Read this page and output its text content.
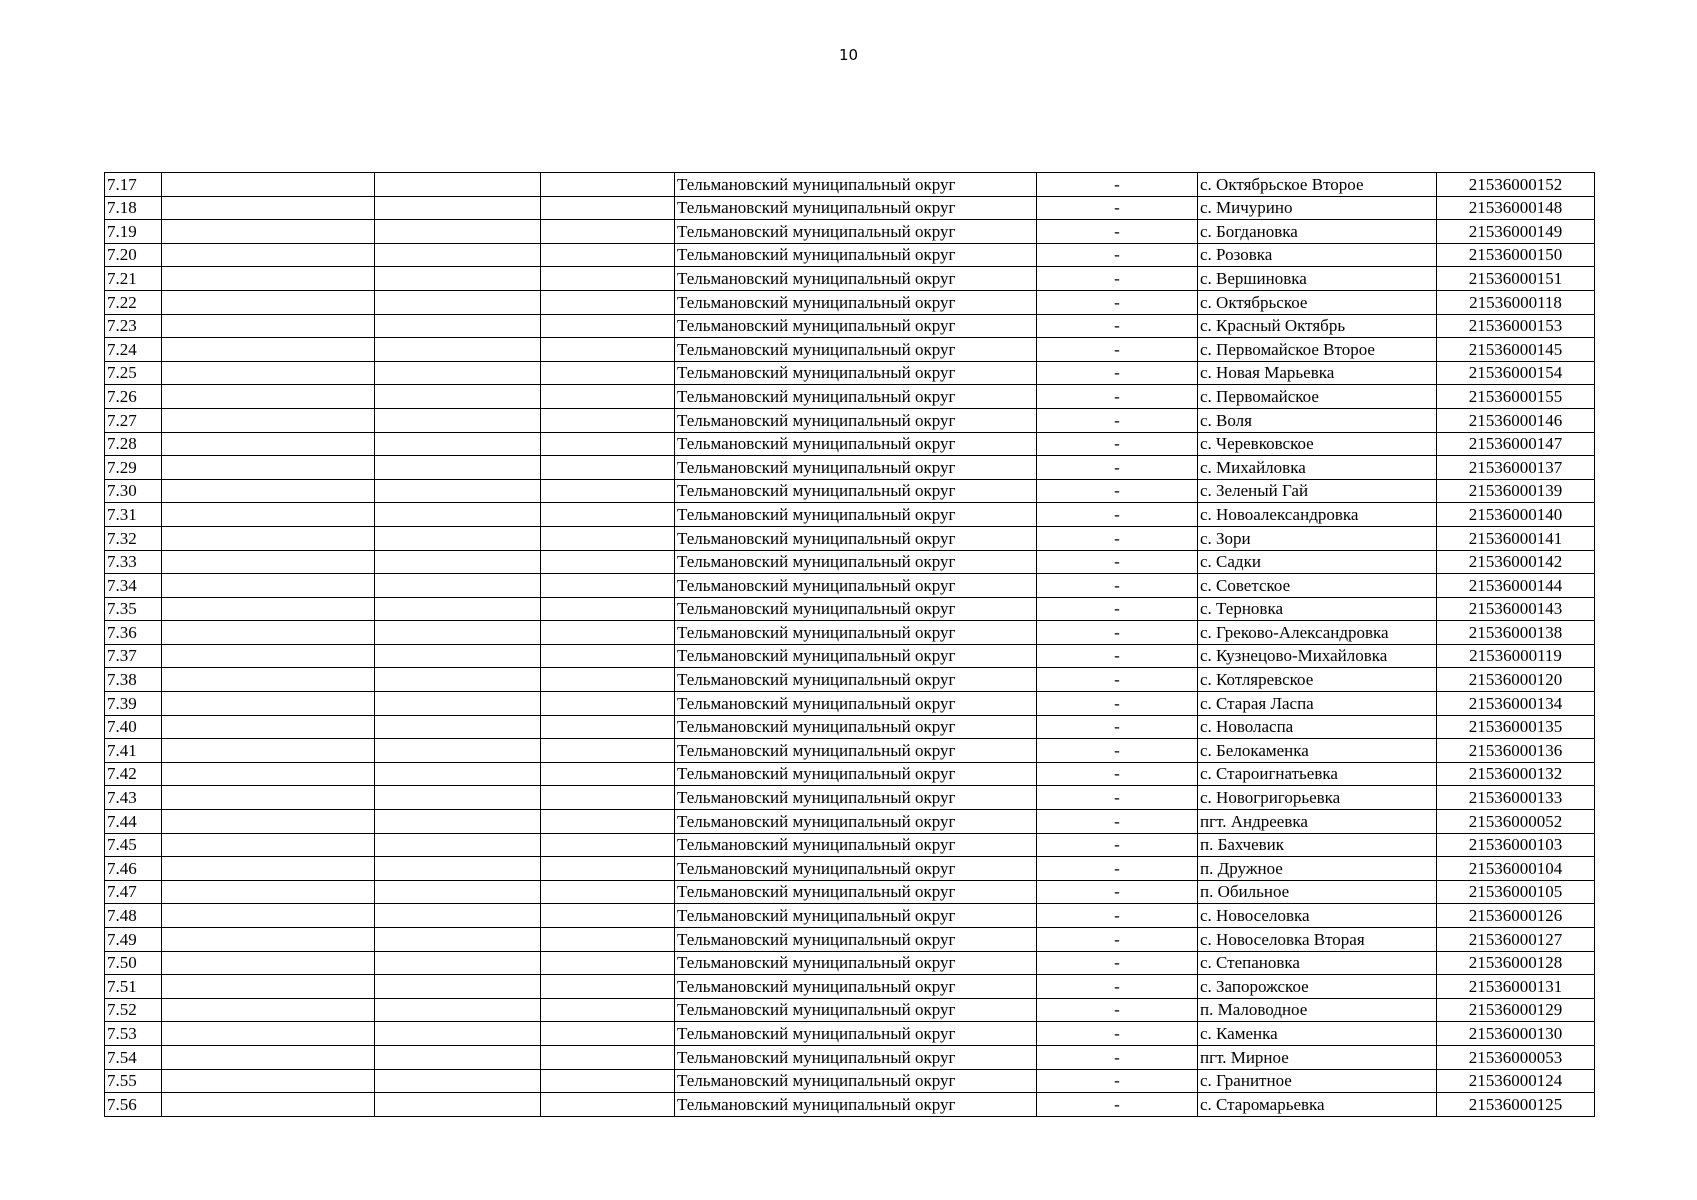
10
7.17				Тельмановский муниципальный округ	-	с. Октябрьское Второе	21536000152
7.18				Тельмановский муниципальный округ	-	с. Мичурино	21536000148
7.19				Тельмановский муниципальный округ	-	с. Богдановка	21536000149
7.20				Тельмановский муниципальный округ	-	с. Розовка	21536000150
7.21				Тельмановский муниципальный округ	-	с. Вершиновка	21536000151
7.22				Тельмановский муниципальный округ	-	с. Октябрьское	21536000118
7.23				Тельмановский муниципальный округ	-	с. Красный Октябрь	21536000153
7.24				Тельмановский муниципальный округ	-	с. Первомайское Второе	21536000145
7.25				Тельмановский муниципальный округ	-	с. Новая Марьевка	21536000154
7.26				Тельмановский муниципальный округ	-	с. Первомайское	21536000155
7.27				Тельмановский муниципальный округ	-	с. Воля	21536000146
7.28				Тельмановский муниципальный округ	-	с. Черевковское	21536000147
7.29				Тельмановский муниципальный округ	-	с. Михайловка	21536000137
7.30				Тельмановский муниципальный округ	-	с. Зеленый Гай	21536000139
7.31				Тельмановский муниципальный округ	-	с. Новоалександровка	21536000140
7.32				Тельмановский муниципальный округ	-	с. Зори	21536000141
7.33				Тельмановский муниципальный округ	-	с. Садки	21536000142
7.34				Тельмановский муниципальный округ	-	с. Советское	21536000144
7.35				Тельмановский муниципальный округ	-	с. Терновка	21536000143
7.36				Тельмановский муниципальный округ	-	с. Греково-Александровка	21536000138
7.37				Тельмановский муниципальный округ	-	с. Кузнецово-Михайловка	21536000119
7.38				Тельмановский муниципальный округ	-	с. Котляревское	21536000120
7.39				Тельмановский муниципальный округ	-	с. Старая Ласпа	21536000134
7.40				Тельмановский муниципальный округ	-	с. Новоласпа	21536000135
7.41				Тельмановский муниципальный округ	-	с. Белокаменка	21536000136
7.42				Тельмановский муниципальный округ	-	с. Староигнатьевка	21536000132
7.43				Тельмановский муниципальный округ	-	с. Новогригорьевка	21536000133
7.44				Тельмановский муниципальный округ	-	пгт. Андреевка	21536000052
7.45				Тельмановский муниципальный округ	-	п. Бахчевик	21536000103
7.46				Тельмановский муниципальный округ	-	п. Дружное	21536000104
7.47				Тельмановский муниципальный округ	-	п. Обильное	21536000105
7.48				Тельмановский муниципальный округ	-	с. Новоселовка	21536000126
7.49				Тельмановский муниципальный округ	-	с. Новоселовка Вторая	21536000127
7.50				Тельмановский муниципальный округ	-	с. Степановка	21536000128
7.51				Тельмановский муниципальный округ	-	с. Запорожское	21536000131
7.52				Тельмановский муниципальный округ	-	п. Маловодное	21536000129
7.53				Тельмановский муниципальный округ	-	с. Каменка	21536000130
7.54				Тельмановский муниципальный округ	-	пгт. Мирное	21536000053
7.55				Тельмановский муниципальный округ	-	с. Гранитное	21536000124
7.56				Тельмановский муниципальный округ	-	с. Старомарьевка	21536000125
